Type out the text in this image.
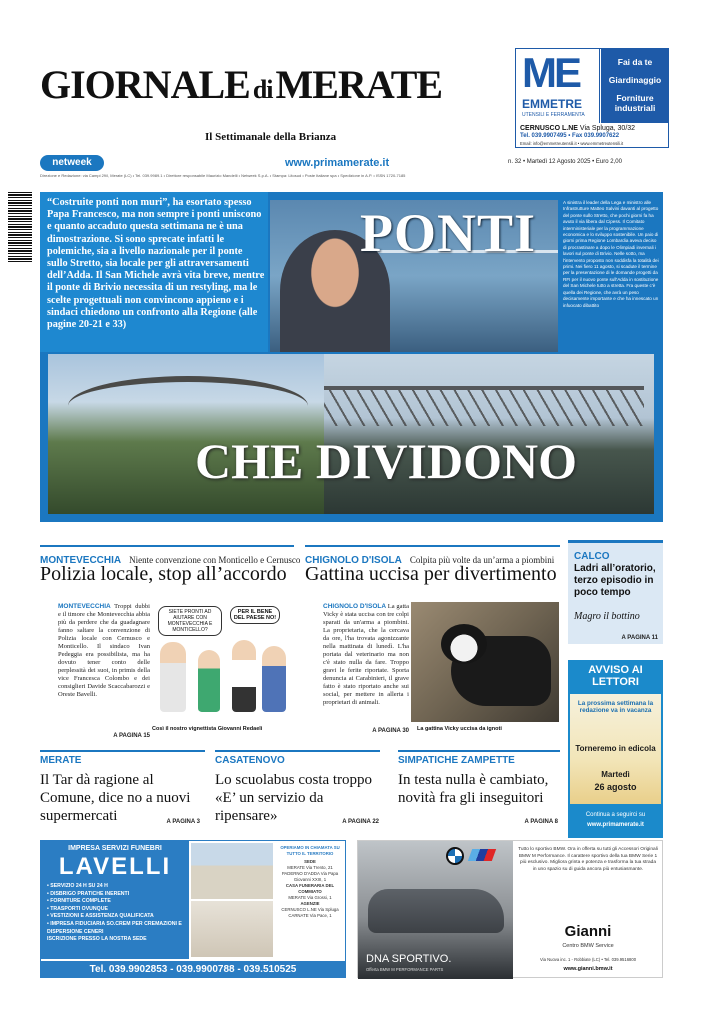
GIORNALE di MERATE
Il Settimanale della Brianza
ME
EMMETRE
UTENSILI E FERRAMENTA
Fai da te
Giardinaggio
Forniture industriali
CERNUSCO L.NE Via Spluga, 30/32
Tel. 039.9907495 • Fax 039.9907622
Email: info@emmetreutensili.it • www.emmetreutensili.it
netweek	www.primamerate.it	n. 32 • Martedì 12 Agosto 2025 • Euro 2,00
Direzione e Redazione: via Campi 29/l, Merate (LC) • Tel. 039.9989.1 • Direttore responsabile Maurizio Mandelli • Netweek S.p.A. • Stampa: Litosud • Poste Italiane spa • Spedizione in A.P. • ISSN 1720-7185
“Costruite ponti non muri”, ha esortato spesso Papa Francesco, ma non sempre i ponti uniscono e quanto accaduto questa settimana ne è una dimostrazione. Si sono sprecate infatti le polemiche, sia a livello nazionale per il ponte sullo Stretto, sia locale per gli attraversamenti dell’Adda. Il San Michele avrà vita breve, mentre il ponte di Brivio necessita di un restyling, ma le scelte progettuali non convincono appieno e i sindaci chiedono un confronto alla Regione (alle pagine 20-21 e 33)
PONTI
A sinistra il leader della Lega e ministro alle Infrastrutture Matteo Salvini davanti al progetto del ponte sullo Stretto, che pochi giorni fa ha avuto il via libera dal Cipess. Il Comitato interministeriale per la programmazione economica e lo sviluppo sostenibile. Un paio di giorni prima Regione Lombardia aveva deciso di procrastinare a dopo le Olimpiadi invernali i lavori sul ponte di Brivio. Nelle sotto, ma l'intervento proposto non soddisfa la totalità dei primi. Nei fiero 11 agosto, si scadute il termine per la presentazione di le domande progetti da RFI per il nuovo ponte sull'Adda in sostituzione del San Michele tutto a stretta. Fra queste c'è quella dei Regione, che avrà un peso decisamente importante e che ha innescato un infuocato dibattito
CHE DIVIDONO
MONTEVECCHIA Niente convenzione con Monticello e Cernusco
Polizia locale, stop all’accordo
MONTEVECCHIA Troppi dubbi e il timore che Montevecchia abbia più da perdere che da guadagnare fanno saltare la convenzione di Polizia locale con Cernusco e Monticello. Il sindaco Ivan Pedeggia era possibilista, ma ha dovuto tener conto delle perplessità dei suoi, in primis della vice Francesca Colombo e dei consiglieri Davide Scaccabarozzi e Oreste Bavelli.
A PAGINA 15
SIETE PRONTI AD AIUTARE CON MONTEVECCHIA E MONTICELLO?
PER IL BENE DEL PAESE NO!
Così il nostro vignettista Giovanni Redaeli
CHIGNOLO D'ISOLA Colpita più volte da un’arma a piombini
Gattina uccisa per divertimento
CHIGNOLO D'ISOLA La gatta Vicky è stata uccisa con tre colpi sparati da un'arma a piombini. La proprietaria, che la cercava da ore, l'ha trovata agonizzante nella mattinata di lunedì. L'ha portata dal veterinario ma non c'è stato nulla da fare. Troppo gravi le ferite riportate. Sporta denuncia ai Carabinieri, il grave fatto è stato riportato anche sui social, per mettere in allerta i proprietari di animali.
A PAGINA 30 La gattina Vicky uccisa da ignoti
CALCO
Ladri all’oratorio, terzo episodio in poco tempo
Magro il bottino
A PAGINA 11
AVVISO AI LETTORI
La prossima settimana la redazione va in vacanza
Torneremo in edicola
Martedì
26 agosto
Continua a seguirci su
www.primamerate.it
MERATE
Il Tar dà ragione al Comune, dice no a nuovi supermercati	A PAGINA 3
CASATENOVO
Lo scuolabus costa troppo «E’ un servizio da ripensare»	A PAGINA 22
SIMPATICHE ZAMPETTE
In testa nulla è cambiato, novità fra gli inseguitori
A PAGINA 8
IMPRESA SERVIZI FUNEBRI
LAVELLI
• SERVIZIO 24 H SU 24 H
• DISBRIGO PRATICHE INERENTI
• FORNITURE COMPLETE
• TRASPORTI OVUNQUE
• VESTIZIONI E ASSISTENZA QUALIFICATA
• IMPRESA FIDUCIARIA SO.CREM PER CREMAZIONI E DISPERSIONE CENERI
ISCRIZIONE PRESSO LA NOSTRA SEDE
OPERIAMO IN CHIAMATA SU TUTTO IL TERRITORIO
SEDE
MERATE Via Trento, 21
PADERNO D'ADDA Via Papa Giovanni XXIII, 1
CASA FUNERARIA DEL COMMIATO
MERATE Via Grossi, 1
AGENZIE
CERNUSCO L.NE Via Spluga
CARNATE Via Pace, 1
Tel. 039.9902853 - 039.9900788 - 039.510525
DNA SPORTIVO.
Offerta BMW M PERFORMANCE PARTS
Tutto lo sportivo BMW. Ora in offerta su tutti gli Accessori Originali BMW M Performance. Il carattere sportivo della tua BMW Serie 1 più esclusivo. Migliora grinta e potenza e trasforma la tua strada in uno spazio su di guida ancora più entusiasmante.
Gianni
Centro BMW Service
Via Nuova inc. 1 - Robbiate (LC) • Tel. 039.9516800
www.gianni.bmw.it
